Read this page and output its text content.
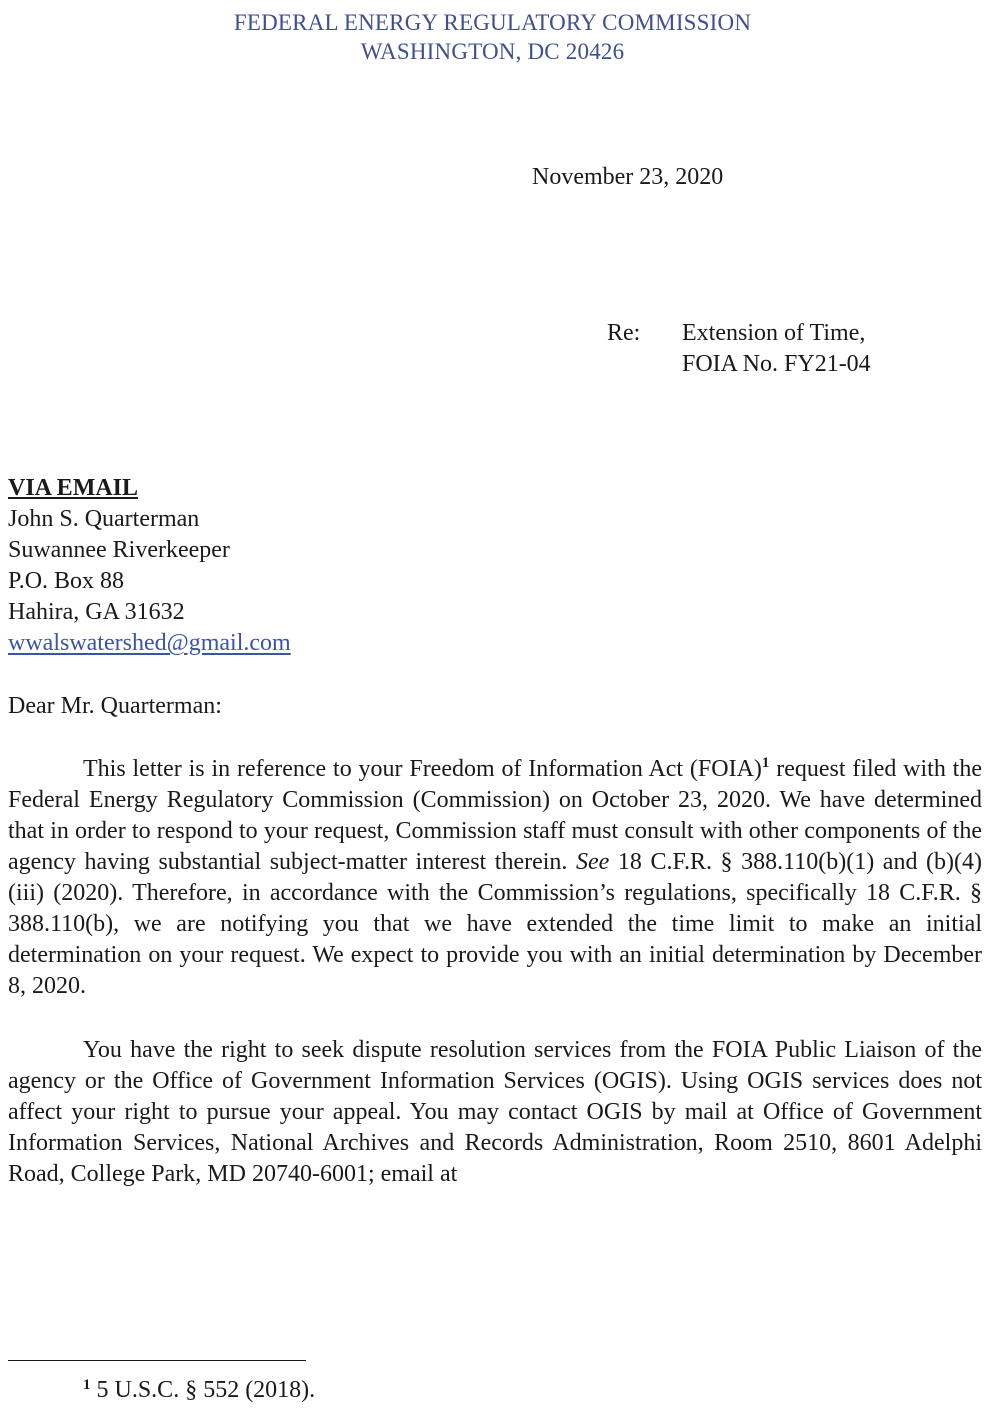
FEDERAL ENERGY REGULATORY COMMISSION
WASHINGTON, DC 20426
November 23, 2020
Re: Extension of Time,
FOIA No. FY21-04
VIA EMAIL
John S. Quarterman
Suwannee Riverkeeper
P.O. Box 88
Hahira, GA 31632
wwalswatershed@gmail.com
Dear Mr. Quarterman:

This letter is in reference to your Freedom of Information Act (FOIA)$^1$ request filed with the Federal Energy Regulatory Commission (Commission) on October 23, 2020. We have determined that in order to respond to your request, Commission staff must consult with other components of the agency having substantial subject-matter interest therein. See 18 C.F.R. § 388.110(b)(1) and (b)(4)(iii) (2020). Therefore, in accordance with the Commission’s regulations, specifically 18 C.F.R. § 388.110(b), we are notifying you that we have extended the time limit to make an initial determination on your request. We expect to provide you with an initial determination by December 8, 2020.

You have the right to seek dispute resolution services from the FOIA Public Liaison of the agency or the Office of Government Information Services (OGIS). Using OGIS services does not affect your right to pursue your appeal. You may contact OGIS by mail at Office of Government Information Services, National Archives and Records Administration, Room 2510, 8601 Adelphi Road, College Park, MD 20740-6001; email at

$^1$ 5 U.S.C. § 552 (2018).
